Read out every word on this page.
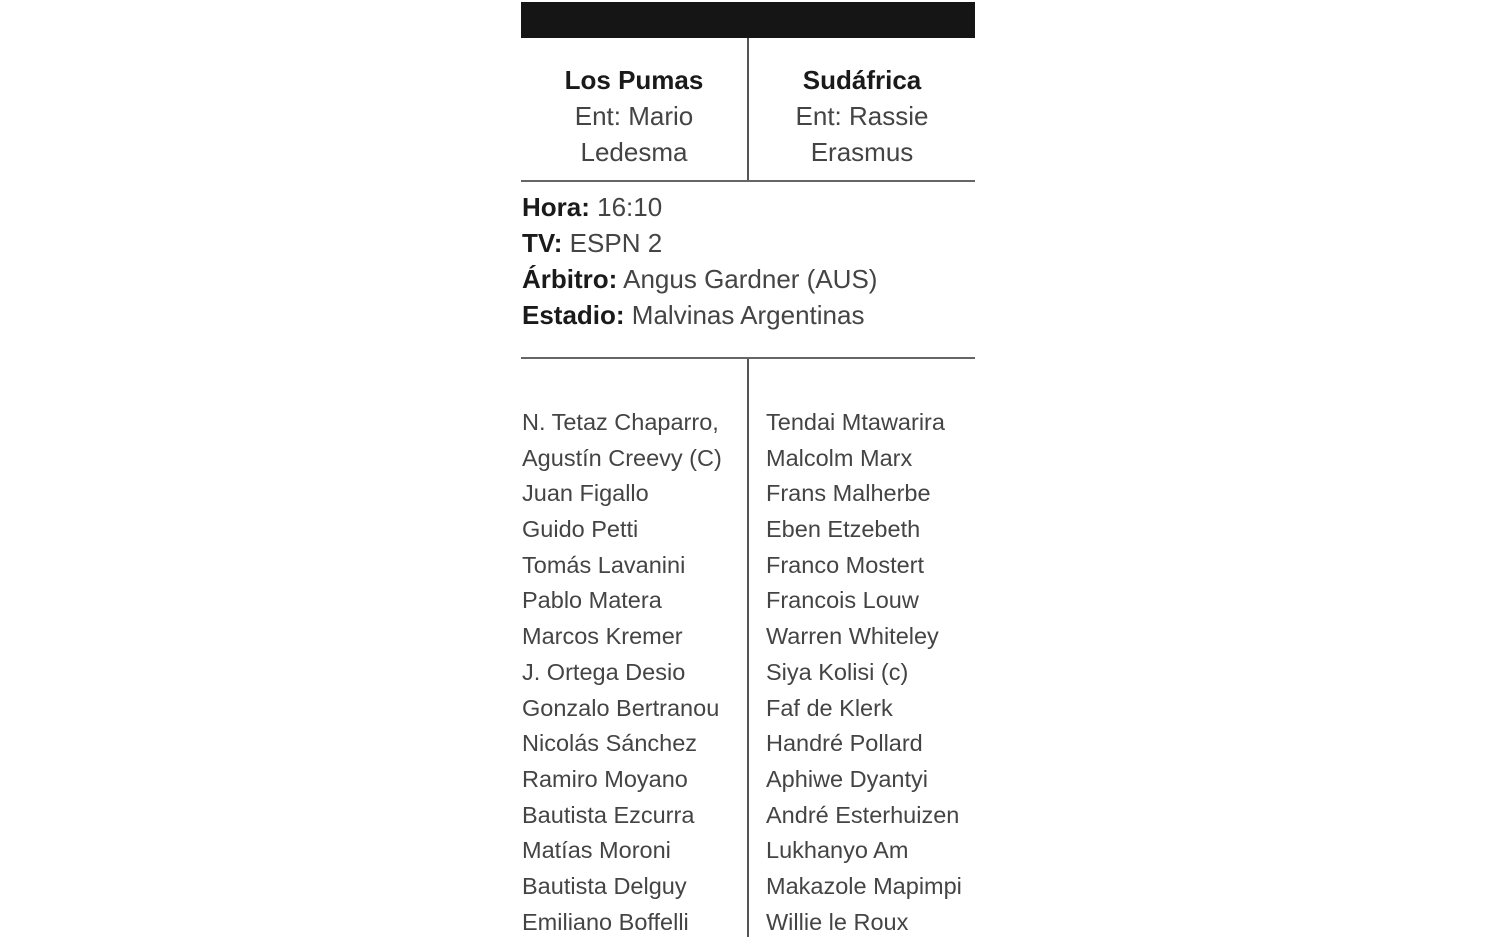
Los Pumas
Ent: Mario
Ledesma
Sudáfrica
Ent: Rassie
Erasmus
Hora: 16:10
TV: ESPN 2
Árbitro: Angus Gardner (AUS)
Estadio: Malvinas Argentinas
N. Tetaz Chaparro,
Agustín Creevy (C)
Juan Figallo
Guido Petti
Tomás Lavanini
Pablo Matera
Marcos Kremer
J. Ortega Desio
Gonzalo Bertranou
Nicolás Sánchez
Ramiro Moyano
Bautista Ezcurra
Matías Moroni
Bautista Delguy
Emiliano Boffelli
Tendai Mtawarira
Malcolm Marx
Frans Malherbe
Eben Etzebeth
Franco Mostert
Francois Louw
Warren Whiteley
Siya Kolisi (c)
Faf de Klerk
Handré Pollard
Aphiwe Dyantyi
André Esterhuizen
Lukhanyo Am
Makazole Mapimpi
Willie le Roux
